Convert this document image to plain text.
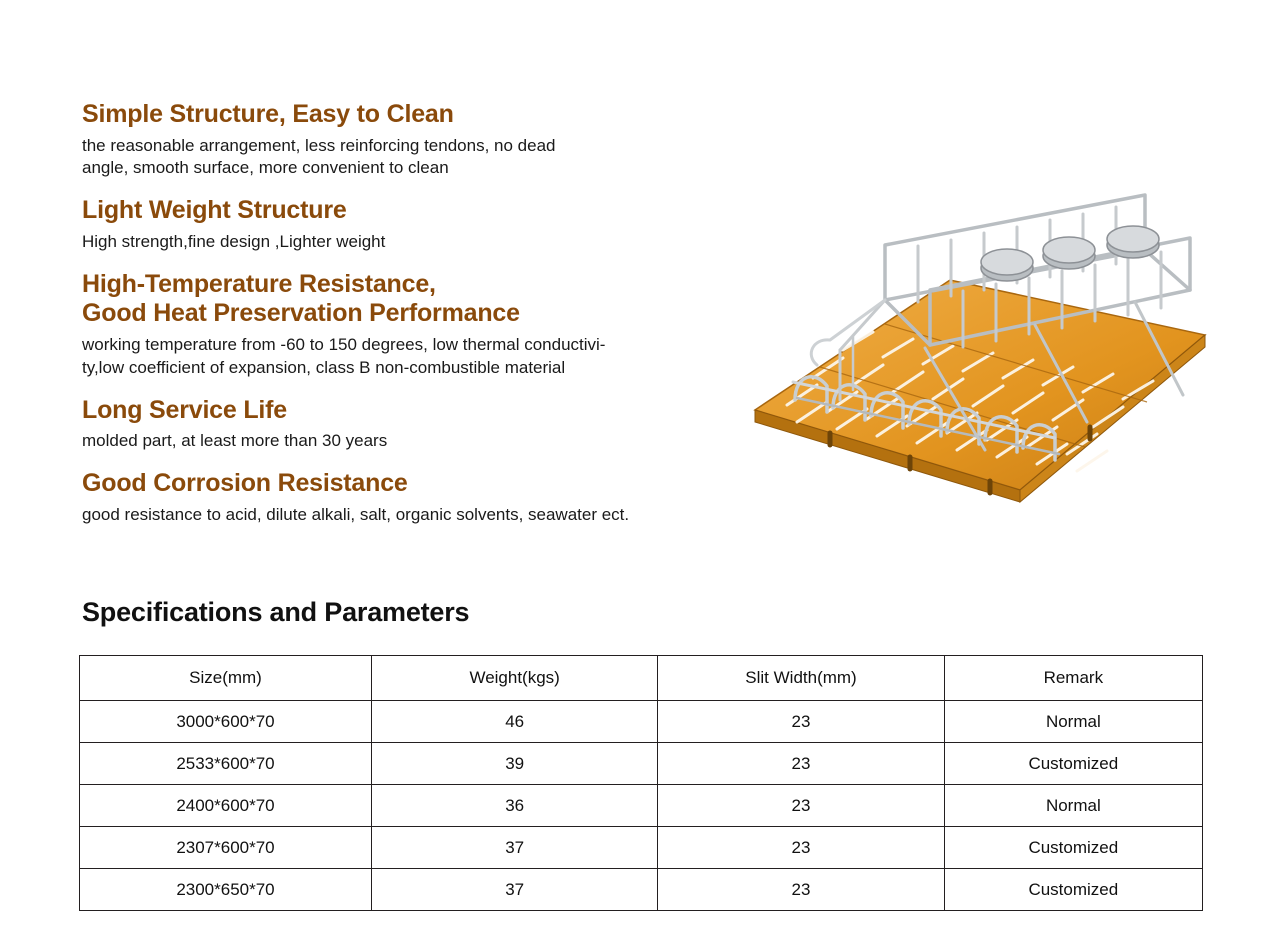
Simple Structure, Easy to Clean

the reasonable arrangement, less reinforcing tendons, no dead
angle, smooth surface, more convenient to clean

Light Weight Structure

High strength,fine design ,Lighter weight

High-Temperature Resistance,
Good Heat Preservation Performance

working temperature from -60 to 150 degrees, low thermal conductivi-
ty,low coefficient of expansion, class B non-combustible material

Long Service Life

molded part, at least more than 30 years

Good Corrosion Resistance

good resistance to acid, dilute alkali, salt, organic solvents, seawater ect.

Specifications and Parameters
Size(mm)	Weight(kgs)	Slit Width(mm)	Remark
3000*600*70	46	23	Normal
2533*600*70	39	23	Customized
2400*600*70	36	23	Normal
2307*600*70	37	23	Customized
2300*650*70	37	23	Customized
